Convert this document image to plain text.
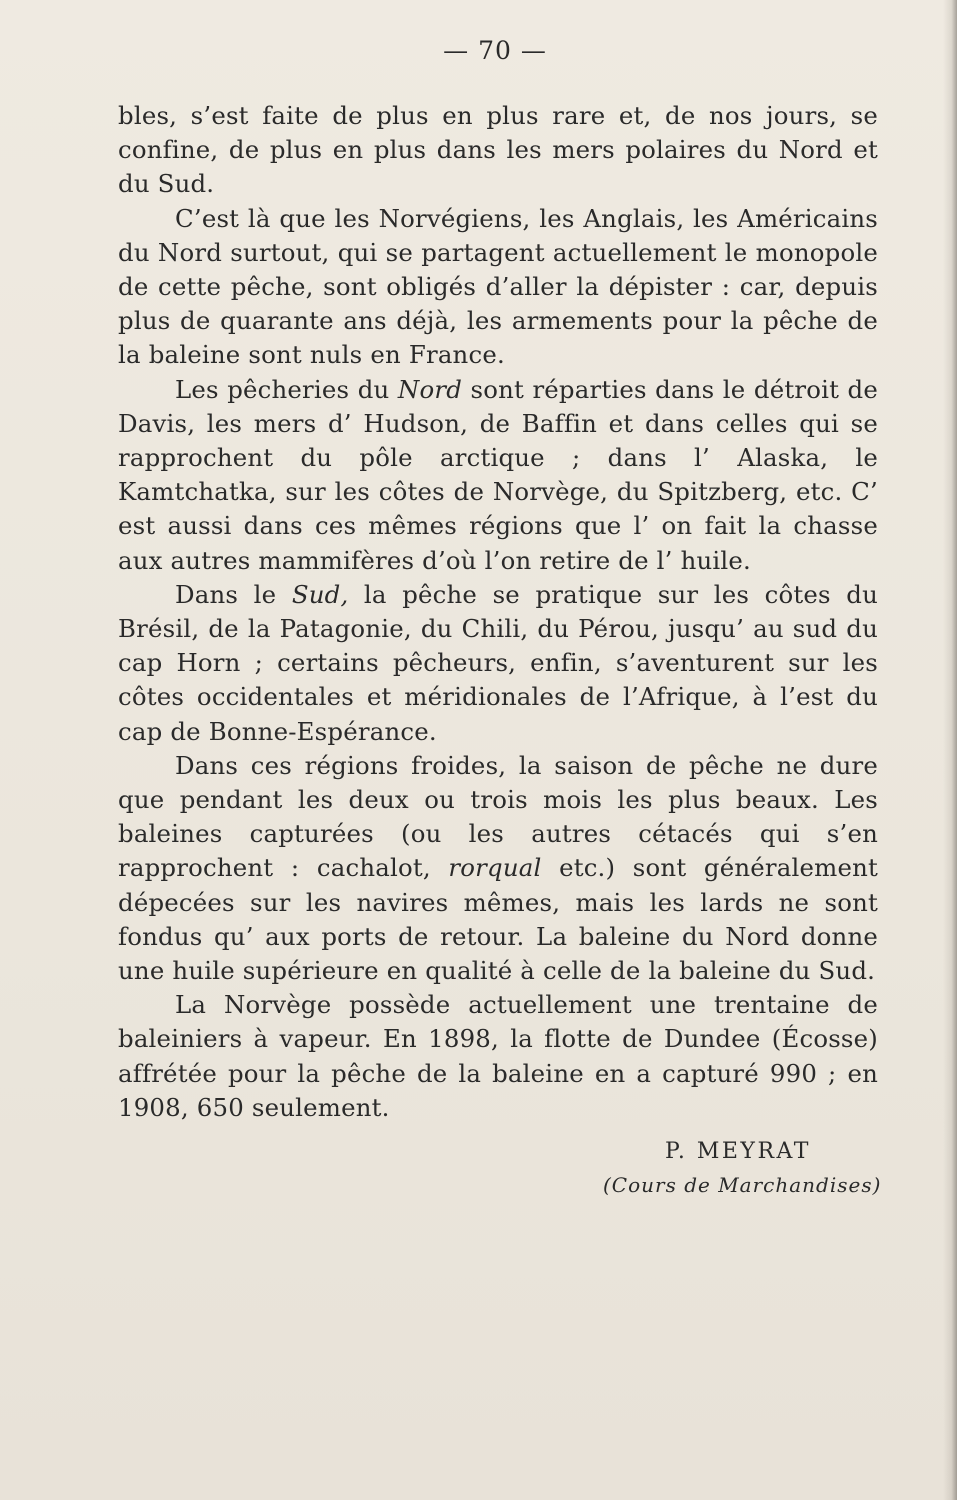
— 70 —

bles, s’est faite de plus en plus rare et, de nos jours, se confine, de plus en plus dans les mers polaires du Nord et du Sud.

C’est là que les Norvégiens, les Anglais, les Américains du Nord surtout, qui se partagent actuellement le monopole de cette pêche, sont obligés d’aller la dépister : car, depuis plus de quarante ans déjà, les armements pour la pêche de la baleine sont nuls en France.

Les pêcheries du Nord sont réparties dans le détroit de Davis, les mers d’ Hudson, de Baffin et dans celles qui se rapprochent du pôle arctique ; dans l’ Alaska, le Kamtchatka, sur les côtes de Norvège, du Spitzberg, etc. C’ est aussi dans ces mêmes régions que l’ on fait la chasse aux autres mammifères d’où l’on retire de l’ huile.

Dans le Sud, la pêche se pratique sur les côtes du Brésil, de la Patagonie, du Chili, du Pérou, jusqu’ au sud du cap Horn ; certains pêcheurs, enfin, s’aventurent sur les côtes occidentales et méridionales de l’Afrique, à l’est du cap de Bonne-Espérance.

Dans ces régions froides, la saison de pêche ne dure que pendant les deux ou trois mois les plus beaux. Les baleines capturées (ou les autres cétacés qui s’en rapprochent : cachalot, rorqual etc.) sont généralement dépecées sur les navires mêmes, mais les lards ne sont fondus qu’ aux ports de retour. La baleine du Nord donne une huile supérieure en qualité à celle de la baleine du Sud.

La Norvège possède actuellement une trentaine de baleiniers à vapeur. En 1898, la flotte de Dundee (Écosse) affrétée pour la pêche de la baleine en a capturé 990 ; en 1908, 650 seulement.

P. MEYRAT
(Cours de Marchandises)
